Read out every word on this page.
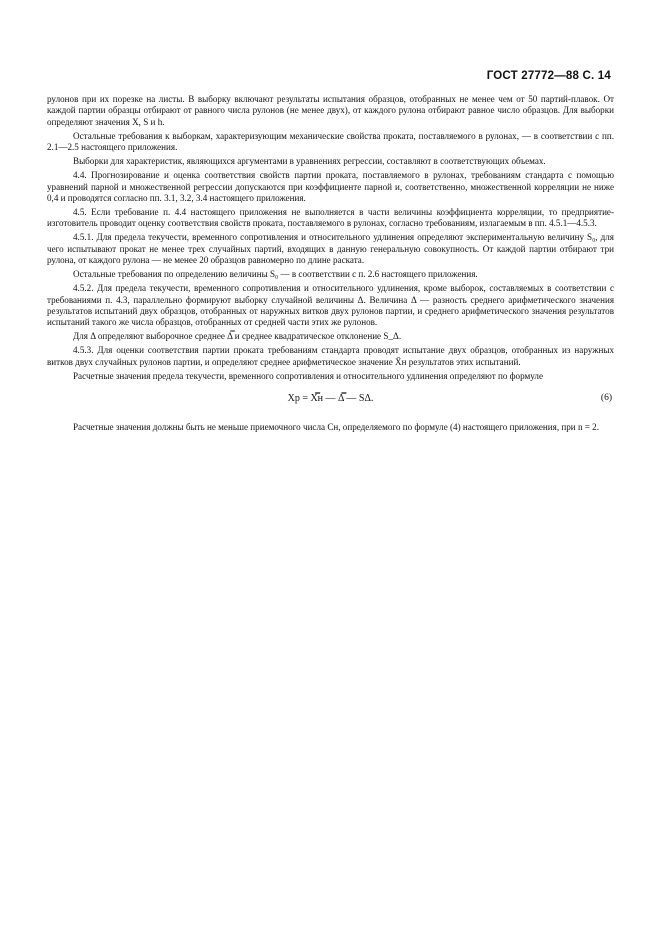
ГОСТ 27772—88 С. 14

рулонов при их порезке на листы. В выборку включают результаты испытания образцов, отобранных не менее чем от 50 партий-плавок. От каждой партии образцы отбирают от равного числа рулонов (не менее двух), от каждого рулона отбирают равное число образцов. Для выборки определяют значения X, S и h.

Остальные требования к выборкам, характеризующим механические свойства проката, поставляемого в рулонах, — в соответствии с пп. 2.1—2.5 настоящего приложения.

Выборки для характеристик, являющихся аргументами в уравнениях регрессии, составляют в соответствующих объемах.

4.4. Прогнозирование и оценка соответствия свойств партии проката, поставляемого в рулонах, требованиям стандарта с помощью уравнений парной и множественной регрессии допускаются при коэффициенте парной и, соответственно, множественной корреляции не ниже 0,4 и проводятся согласно пп. 3.1, 3.2, 3.4 настоящего приложения.

4.5. Если требование п. 4.4 настоящего приложения не выполняется в части величины коэффициента корреляции, то предприятие-изготовитель проводит оценку соответствия свойств проката, поставляемого в рулонах, согласно требованиям, излагаемым в пп. 4.5.1—4.5.3.

4.5.1. Для предела текучести, временного сопротивления и относительного удлинения определяют экспериментальную величину S₀, для чего испытывают прокат не менее трех случайных партий, входящих в данную генеральную совокупность. От каждой партии отбирают три рулона, от каждого рулона — не менее 20 образцов равномерно по длине раската.

Остальные требования по определению величины S₀ — в соответствии с п. 2.6 настоящего приложения.

4.5.2. Для предела текучести, временного сопротивления и относительного удлинения, кроме выборок, составляемых в соответствии с требованиями п. 4.3, параллельно формируют выборку случайной величины Δ. Величина Δ — разность среднего арифметического значения результатов испытаний двух образцов, отобранных от наружных витков двух рулонов партии, и среднего арифметического значения результатов испытаний такого же числа образцов, отобранных от средней части этих же рулонов.

Для Δ определяют выборочное среднее Δ̿ и среднее квадратическое отклонение S_Δ.

4.5.3. Для оценки соответствия партии проката требованиям стандарта проводят испытание двух образцов, отобранных из наружных витков двух случайных рулонов партии, и определяют среднее арифметическое значение X̄н результатов этих испытаний.

Расчетные значения предела текучести, временного сопротивления и относительного удлинения определяют по формуле

Xр = X̿н — Δ̿ — SΔ.	(6)

Расчетные значения должны быть не меньше приемочного числа Cн, определяемого по формуле (4) настоящего приложения, при n = 2.
